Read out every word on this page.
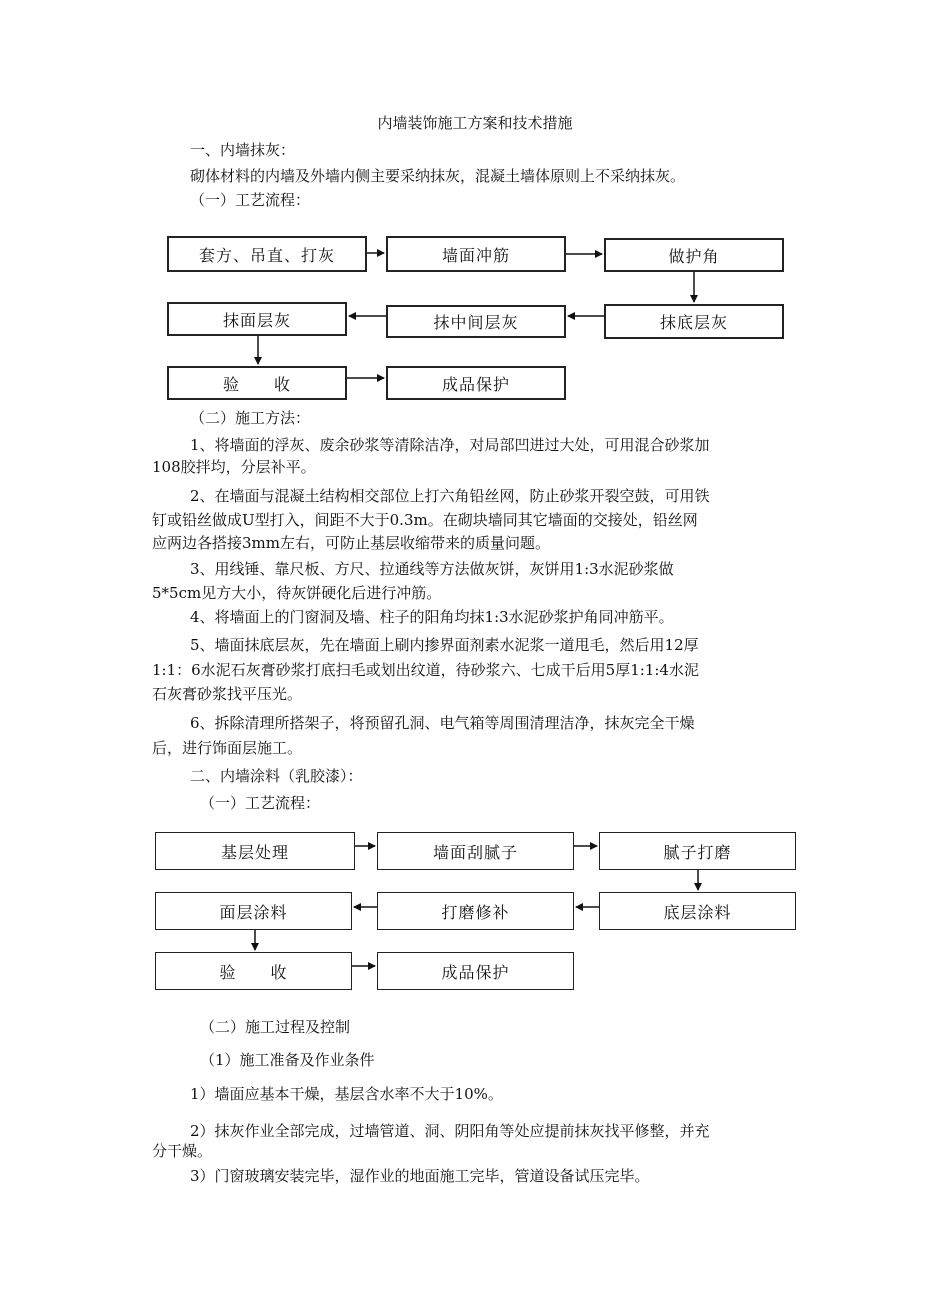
内墙装饰施工方案和技术措施
一、内墙抹灰：
砌体材料的内墙及外墙内侧主要采纳抹灰，混凝土墙体原则上不采纳抹灰。
（一）工艺流程：
套方、吊直、打灰	墙面冲筋	做护角
抹底层灰
抹中间层灰
抹面层灰
验　　收	成品保护
（二）施工方法：
1、将墙面的浮灰、废余砂浆等清除洁净，对局部凹进过大处，可用混合砂浆加
108胶拌均，分层补平。
2、在墙面与混凝土结构相交部位上打六角铅丝网，防止砂浆开裂空鼓，可用铁
钉或铅丝做成U型打入，间距不大于0.3m。在砌块墙同其它墙面的交接处，铅丝网
应两边各搭接3mm左右，可防止基层收缩带来的质量问题。
3、用线锤、靠尺板、方尺、拉通线等方法做灰饼，灰饼用1:3水泥砂浆做
5*5cm见方大小，待灰饼硬化后进行冲筋。
4、将墙面上的门窗洞及墙、柱子的阳角均抹1:3水泥砂浆护角同冲筋平。
5、墙面抹底层灰，先在墙面上刷内掺界面剂素水泥浆一道甩毛，然后用12厚
1:1：6水泥石灰膏砂浆打底扫毛或划出纹道，待砂浆六、七成干后用5厚1:1:4水泥
石灰膏砂浆找平压光。
6、拆除清理所搭架子，将预留孔洞、电气箱等周围清理洁净，抹灰完全干燥
后，进行饰面层施工。
二、内墙涂料（乳胶漆）：
（一）工艺流程：
基层处理	墙面刮腻子	腻子打磨
底层涂料
打磨修补
面层涂料
验　　收	成品保护
（二）施工过程及控制
（1）施工准备及作业条件
1）墙面应基本干燥，基层含水率不大于10%。
2）抹灰作业全部完成，过墙管道、洞、阴阳角等处应提前抹灰找平修整，并充
分干燥。
3）门窗玻璃安装完毕，湿作业的地面施工完毕，管道设备试压完毕。
